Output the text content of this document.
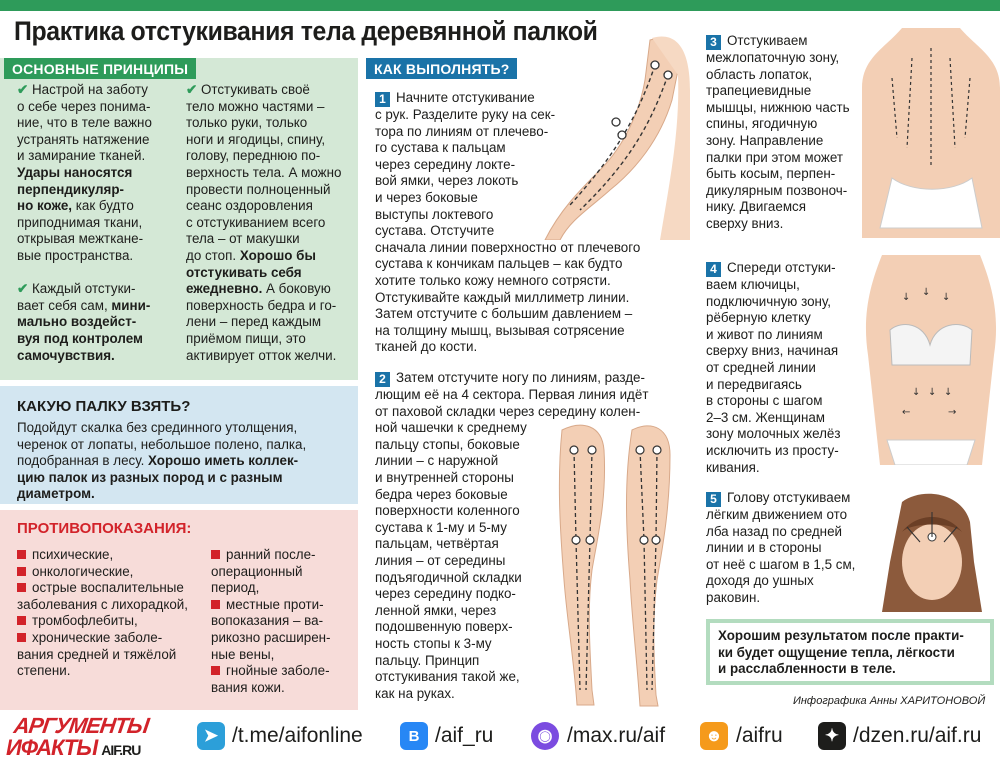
Практика отстукивания тела деревянной палкой
ОСНОВНЫЕ ПРИНЦИПЫ
✔ Настрой на заботу
о себе через понима-
ние, что в теле важно
устранять натяжение
и замирание тканей.
Удары наносятся
перпендикуляр-
но коже, как будто
приподнимая ткани,
открывая межткане-
вые пространства.
✔ Каждый отстуки-
вает себя сам, мини-
мально воздейст-
вуя под контролем
самочувствия.
✔ Отстукивать своё
тело можно частями –
только руки, только
ноги и ягодицы, спину,
голову, переднюю по-
верхность тела. А можно
провести полноценный
сеанс оздоровления
с отстукиванием всего
тела – от макушки
до стоп. Хорошо бы
отстукивать себя
ежедневно. А боковую
поверхность бедра и го-
лени – перед каждым
приёмом пищи, это
активирует отток желчи.
КАКУЮ ПАЛКУ ВЗЯТЬ?
Подойдут скалка без срединного утолщения,
черенок от лопаты, небольшое полено, палка,
подобранная в лесу. Хорошо иметь коллек-
цию палок из разных пород и с разным
диаметром.
ПРОТИВОПОКАЗАНИЯ:
психические,
онкологические,
острые воспалительные
заболевания с лихорадкой,
тромбофлебиты,
хронические заболе-
вания средней и тяжёлой
степени.
ранний после-
операционный
период,
местные проти-
вопоказания – ва-
рикозно расширен-
ные вены,
гнойные заболе-
вания кожи.
КАК ВЫПОЛНЯТЬ?
1 Начните отстукивание
с рук. Разделите руку на сек-
тора по линиям от плечево-
го сустава к пальцам
через середину локте-
вой ямки, через локоть
и через боковые
выступы локтевого
сустава. Отстучите
сначала линии поверхностно от плечевого
сустава к кончикам пальцев – как будто
хотите только кожу немного сотрясти.
Отстукивайте каждый миллиметр линии.
Затем отстучите с большим давлением –
на толщину мышц, вызывая сотрясение
тканей до кости.
2 Затем отстучите ногу по линиям, разде-
лющим её на 4 сектора. Первая линия идёт
от паховой складки через середину колен-
ной чашечки к среднему
пальцу стопы, боковые
линии – с наружной
и внутренней стороны
бедра через боковые
поверхности коленного
сустава к 1-му и 5-му
пальцам, четвёртая
линия – от середины
подъягодичной складки
через середину подко-
ленной ямки, через
подошвенную поверх-
ность стопы к 3-му
пальцу. Принцип
отстукивания такой же,
как на руках.
3 Отстукиваем
межлопаточную зону,
область лопаток,
трапециевидные
мышцы, нижнюю часть
спины, ягодичную
зону. Направление
палки при этом может
быть косым, перпен-
дикулярным позвоноч-
нику. Двигаемся
сверху вниз.
↓
↓	↓
↓ ↓ ↓
←	→
4 Спереди отстуки-
ваем ключицы,
подключичную зону,
рёберную клетку
и живот по линиям
сверху вниз, начиная
от средней линии
и передвигаясь
в стороны с шагом
2–3 см. Женщинам
зону молочных желёз
исключить из просту-
кивания.
5 Голову отстукиваем
лёгким движением ото
лба назад по средней
линии и в стороны
от неё с шагом в 1,5 см,
доходя до ушных
раковин.
Хорошим результатом после практи-
ки будет ощущение тепла, лёгкости
и расслабленности в теле.
Инфографика Анны ХАРИТОНОВОЙ
АРГУМЕНТЫ
ИФАКТЫ AIF.RU
➤ /t.me/aifonline	B /aif_ru	◉ /max.ru/aif ☻ /aifru	✦ /dzen.ru/aif.ru
